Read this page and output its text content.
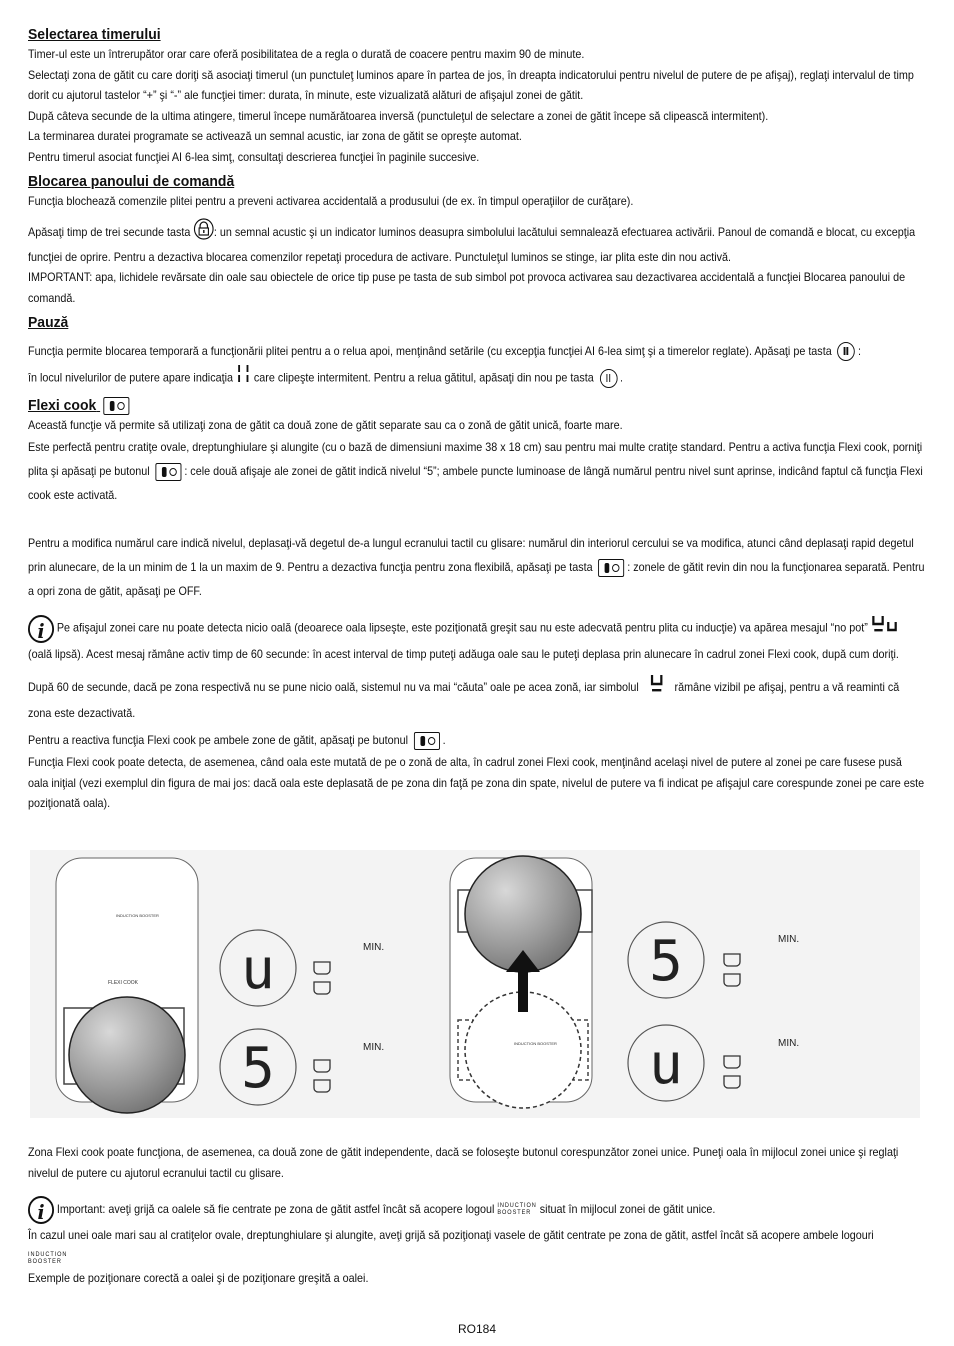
Selectarea timerului

Timer-ul este un întrerupător orar care oferă posibilitatea de a regla o durată de coacere pentru maxim 90 de minute.

Selectaţi zona de gătit cu care doriţi să asociaţi timerul (un punctuleţ luminos apare în partea de jos, în dreapta indicatorului pentru nivelul de putere de pe afişaj), reglaţi intervalul de timp dorit cu ajutorul tastelor “+” şi “-” ale funcţiei timer: durata, în minute, este vizualizată alături de afişajul zonei de gătit.

După câteva secunde de la ultima atingere, timerul începe numărătoarea inversă (punctuleţul de selectare a zonei de gătit începe să clipească intermitent).

La terminarea duratei programate se activează un semnal acustic, iar zona de gătit se opreşte automat.

Pentru timerul asociat funcţiei AI 6-lea simţ, consultaţi descrierea funcţiei în paginile succesive.

Blocarea panoului de comandă

Funcţia blochează comenzile plitei pentru a preveni activarea accidentală a produsului (de ex. în timpul operaţiilor de curăţare).

Apăsaţi timp de trei secunde tasta : un semnal acustic şi un indicator luminos deasupra simbolului lacătului semnalează efectuarea activării. Panoul de comandă e blocat, cu excepţia funcţiei de oprire. Pentru a dezactiva blocarea comenzilor repetaţi procedura de activare. Punctuleţul luminos se stinge, iar plita este din nou activă.

IMPORTANT: apa, lichidele revărsate din oale sau obiectele de orice tip puse pe tasta de sub simbol pot provoca activarea sau dezactivarea accidentală a funcţiei Blocarea panoului de comandă.

Pauză

Funcţia permite blocarea temporară a funcţionării plitei pentru a o relua apoi, menţinând setările (cu excepţia funcţiei AI 6-lea simţ şi a timerelor reglate). Apăsaţi pe tasta :
în locul nivelurilor de putere apare indicaţia care clipeşte intermitent. Pentru a relua gătitul, apăsaţi din nou pe tasta .

Flexi cook

Această funcţie vă permite să utilizaţi zona de gătit ca două zone de gătit separate sau ca o zonă de gătit unică, foarte mare.

Este perfectă pentru cratiţe ovale, dreptunghiulare şi alungite (cu o bază de dimensiuni maxime 38 x 18 cm) sau pentru mai multe cratiţe standard. Pentru a activa funcţia Flexi cook, porniţi plita şi apăsaţi pe butonul	: cele două afişaje ale zonei de gătit indică nivelul “5”; ambele puncte luminoase de lângă numărul pentru nivel sunt aprinse, indicând faptul că funcţia Flexi cook este activată.

Pentru a modifica numărul care indică nivelul, deplasaţi-vă degetul de-a lungul ecranului tactil cu glisare: numărul din interiorul cercului se va modifica, atunci când deplasaţi rapid degetul prin alunecare, de la un minim de 1 la un maxim de 9. Pentru a dezactiva funcţia pentru zona flexibilă, apăsaţi pe tasta	: zonele de gătit revin din nou la funcţionarea separată. Pentru a opri zona de gătit, apăsaţi pe OFF.

i Pe afişajul zonei care nu poate detecta nicio oală (deoarece oala lipseşte, este poziţionată greşit sau nu este adecvată pentru plita cu inducţie) va apărea mesajul “no pot”  (oală lipsă). Acest mesaj rămâne activ timp de 60 secunde: în acest interval de timp puteţi adăuga oale sau le puteţi deplasa prin alunecare în cadrul zonei Flexi cook, după cum doriţi.

După 60 de secunde, dacă pe zona respectivă nu se pune nicio oală, sistemul nu va mai “căuta” oale pe acea zonă, iar simbolul	rămâne vizibil pe afişaj, pentru a vă reaminti că zona este dezactivată.

Pentru a reactiva funcţia Flexi cook pe ambele zone de gătit, apăsaţi pe butonul	.

Funcţia Flexi cook poate detecta, de asemenea, când oala este mutată de pe o zonă de alta, în cadrul zonei Flexi cook, menţinând acelaşi nivel de putere al zonei pe care fusese pusă oala iniţial (vezi exemplul din figura de mai jos: dacă oala este deplasată de pe zona din faţă pe zona din spate, nivelul de putere va fi indicat pe afişajul care corespunde zonei pe care este poziţionată oala).

INDUCTION BOOSTER
FLEXI COOK u
5
MIN.
MIN.	INDUCTION BOOSTER
5
u
MIN.
MIN.

Zona Flexi cook poate funcţiona, de asemenea, ca două zone de gătit independente, dacă se foloseşte butonul corespunzător zonei unice. Puneţi oala în mijlocul zonei unice şi reglaţi nivelul de putere cu ajutorul ecranului tactil cu glisare.

i Important: aveţi grijă ca oalele să fie centrate pe zona de gătit astfel încât să acopere logoul INDUCTION
BOOSTER situat în mijlocul zonei de gătit unice.

În cazul unei oale mari sau al cratiţelor ovale, dreptunghiulare şi alungite, aveţi grijă să poziţionaţi vasele de gătit centrate pe zona de gătit, astfel încât să acopere ambele logouri

INDUCTION
BOOSTER

Exemple de poziţionare corectă a oalei şi de poziţionare greşită a oalei.

RO184
